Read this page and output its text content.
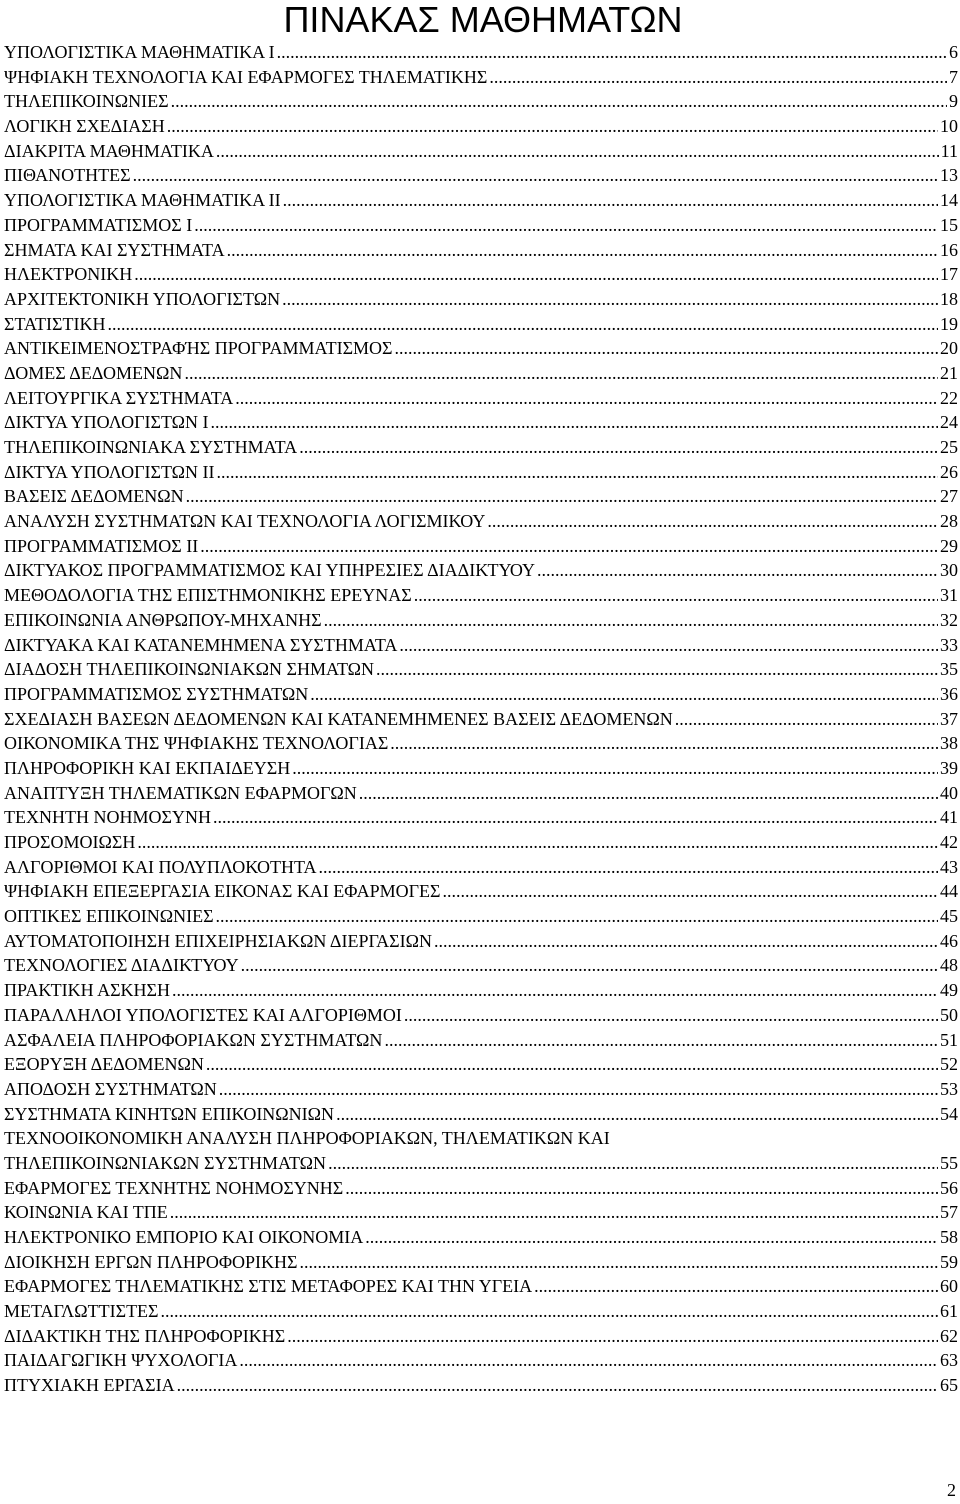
ΠΙΝΑΚΑΣ ΜΑΘΗΜΑΤΩΝ
ΥΠΟΛΟΓΙΣΤΙΚΑ ΜΑΘΗΜΑΤΙΚΑ Ι .....	6
ΨΗΦΙΑΚΗ ΤΕΧΝΟΛΟΓΙΑ ΚΑΙ ΕΦΑΡΜΟΓΕΣ ΤΗΛΕΜΑΤΙΚΗΣ .....	7
ΤΗΛΕΠΙΚΟΙΝΩΝΙΕΣ .....	9
ΛΟΓΙΚΗ ΣΧΕΔΙΑΣΗ .....	10
ΔΙΑΚΡΙΤΑ ΜΑΘΗΜΑΤΙΚΑ .....	11
ΠΙΘΑΝΟΤΗΤΕΣ .....	13
ΥΠΟΛΟΓΙΣΤΙΚΑ ΜΑΘΗΜΑΤΙΚΑ ΙΙ .....	14
ΠΡΟΓΡΑΜΜΑΤΙΣΜΟΣ Ι .....	15
ΣΗΜΑΤΑ ΚΑΙ ΣΥΣΤΗΜΑΤΑ .....	16
ΗΛΕΚΤΡΟΝΙΚΗ .....	17
ΑΡΧΙΤΕΚΤΟΝΙΚΗ ΥΠΟΛΟΓΙΣΤΩΝ .....	18
ΣΤΑΤΙΣΤΙΚΗ .....	19
ΑΝΤΙΚΕΙΜΕΝΟΣΤΡΑΦΉΣ ΠΡΟΓΡΑΜΜΑΤΙΣΜΟΣ .....	20
ΔΟΜΕΣ ΔΕΔΟΜΕΝΩΝ .....	21
ΛΕΙΤΟΥΡΓΙΚΑ ΣΥΣΤΗΜΑΤΑ .....	22
ΔΙΚΤΥΑ ΥΠΟΛΟΓΙΣΤΩΝ Ι .....	24
ΤΗΛΕΠΙΚΟΙΝΩΝΙΑΚΑ ΣΥΣΤΗΜΑΤΑ .....	25
ΔΙΚΤΥΑ ΥΠΟΛΟΓΙΣΤΩΝ ΙΙ .....	26
ΒΑΣΕΙΣ ΔΕΔΟΜΕΝΩΝ .....	27
ΑΝΑΛΥΣΗ ΣΥΣΤΗΜΑΤΩΝ ΚΑΙ ΤΕΧΝΟΛΟΓΙΑ ΛΟΓΙΣΜΙΚΟΥ .....	28
ΠΡΟΓΡΑΜΜΑΤΙΣΜΟΣ ΙΙ .....	29
ΔΙΚΤΥΑΚΟΣ ΠΡΟΓΡΑΜΜΑΤΙΣΜΟΣ ΚΑΙ ΥΠΗΡΕΣΙΕΣ ΔΙΑΔΙΚΤΥΟΥ .....	30
ΜΕΘΟΔΟΛΟΓΙΑ ΤΗΣ ΕΠΙΣΤΗΜΟΝΙΚΗΣ ΕΡΕΥΝΑΣ .....	31
ΕΠΙΚΟΙΝΩΝΙΑ ΑΝΘΡΩΠΟΥ-ΜΗΧΑΝΗΣ .....	32
ΔΙΚΤΥΑΚΑ ΚΑΙ ΚΑΤΑΝΕΜΗΜΕΝΑ ΣΥΣΤΗΜΑΤΑ .....	33
ΔΙΑΔΟΣΗ ΤΗΛΕΠΙΚΟΙΝΩΝΙΑΚΩΝ ΣΗΜΑΤΩΝ .....	35
ΠΡΟΓΡΑΜΜΑΤΙΣΜΟΣ ΣΥΣΤΗΜΑΤΩΝ .....	36
ΣΧΕΔΙΑΣΗ ΒΑΣΕΩΝ ΔΕΔΟΜΕΝΩΝ ΚΑΙ ΚΑΤΑΝΕΜΗΜΕΝΕΣ ΒΑΣΕΙΣ ΔΕΔΟΜΕΝΩΝ .....	37
ΟΙΚΟΝΟΜΙΚΑ ΤΗΣ ΨΗΦΙΑΚΗΣ ΤΕΧΝΟΛΟΓΙΑΣ .....	38
ΠΛΗΡΟΦΟΡΙΚΗ ΚΑΙ ΕΚΠΑΙΔΕΥΣΗ .....	39
ΑΝΑΠΤΥΞΗ ΤΗΛΕΜΑΤΙΚΩΝ ΕΦΑΡΜΟΓΩΝ .....	40
ΤΕΧΝΗΤΗ ΝΟΗΜΟΣΥΝΗ .....	41
ΠΡΟΣΟΜΟΙΩΣΗ .....	42
ΑΛΓΟΡΙΘΜΟΙ ΚΑΙ ΠΟΛΥΠΛΟΚΟΤΗΤΑ .....	43
ΨΗΦΙΑΚΗ ΕΠΕΞΕΡΓΑΣΙΑ ΕΙΚΟΝΑΣ ΚΑΙ ΕΦΑΡΜΟΓΕΣ .....	44
ΟΠΤΙΚΕΣ ΕΠΙΚΟΙΝΩΝΙΕΣ .....	45
ΑΥΤΟΜΑΤΟΠΟΙΗΣΗ ΕΠΙΧΕΙΡΗΣΙΑΚΩΝ ΔΙΕΡΓΑΣΙΩΝ .....	46
ΤΕΧΝΟΛΟΓΙΕΣ ΔΙΑΔΙΚΤΥΟΥ .....	48
ΠΡΑΚΤΙΚΗ ΑΣΚΗΣΗ .....	49
ΠΑΡΑΛΛΗΛΟΙ ΥΠΟΛΟΓΙΣΤΕΣ ΚΑΙ ΑΛΓΟΡΙΘΜΟΙ .....	50
ΑΣΦΑΛΕΙΑ ΠΛΗΡΟΦΟΡΙΑΚΩΝ ΣΥΣΤΗΜΑΤΩΝ .....	51
ΕΞΟΡΥΞΗ ΔΕΔΟΜΕΝΩΝ .....	52
ΑΠΟΔΟΣΗ ΣΥΣΤΗΜΑΤΩΝ .....	53
ΣΥΣΤΗΜΑΤΑ ΚΙΝΗΤΩΝ ΕΠΙΚΟΙΝΩΝΙΩΝ .....	54
ΤΕΧΝΟΟΙΚΟΝΟΜΙΚΗ ΑΝΑΛΥΣΗ ΠΛΗΡΟΦΟΡΙΑΚΩΝ, ΤΗΛΕΜΑΤΙΚΩΝ ΚΑΙ
ΤΗΛΕΠΙΚΟΙΝΩΝΙΑΚΩΝ ΣΥΣΤΗΜΑΤΩΝ .....	55
ΕΦΑΡΜΟΓΕΣ ΤΕΧΝΗΤΗΣ ΝΟΗΜΟΣΥΝΗΣ .....	56
ΚΟΙΝΩΝΙΑ ΚΑΙ ΤΠΕ .....	57
ΗΛΕΚΤΡΟΝΙΚΟ ΕΜΠΟΡΙΟ ΚΑΙ ΟΙΚΟΝΟΜΙΑ .....	58
ΔΙΟΙΚΗΣΗ ΕΡΓΩΝ ΠΛΗΡΟΦΟΡΙΚΗΣ .....	59
ΕΦΑΡΜΟΓΕΣ ΤΗΛΕΜΑΤΙΚΗΣ ΣΤΙΣ ΜΕΤΑΦΟΡΕΣ ΚΑΙ ΤΗΝ ΥΓΕΙΑ .....	60
ΜΕΤΑΓΛΩΤΤΙΣΤΕΣ .....	61
ΔΙΔΑΚΤΙΚΗ ΤΗΣ ΠΛΗΡΟΦΟΡΙΚΗΣ .....	62
ΠΑΙΔΑΓΩΓΙΚΗ ΨΥΧΟΛΟΓΙΑ .....	63
ΠΤΥΧΙΑΚΗ ΕΡΓΑΣΙΑ .....	65
2
